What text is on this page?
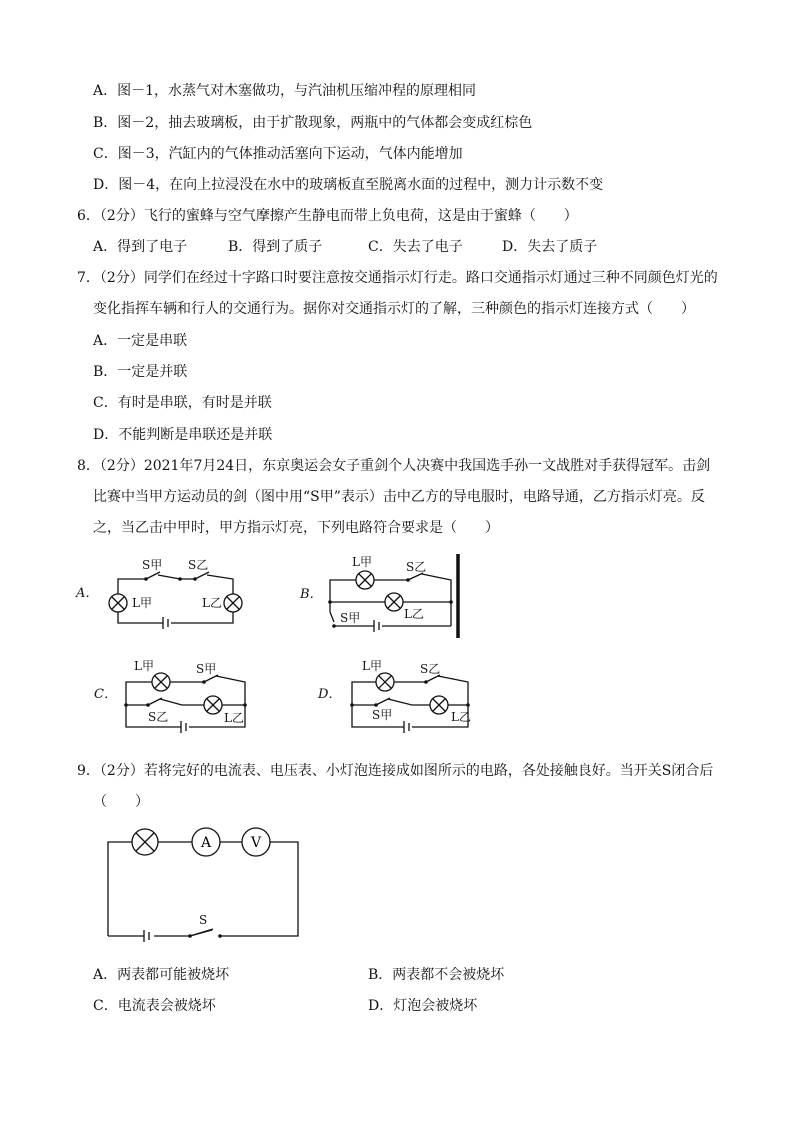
A．图－1，水蒸气对木塞做功，与汽油机压缩冲程的原理相同
B．图－2，抽去玻璃板，由于扩散现象，两瓶中的气体都会变成红棕色
C．图－3，汽缸内的气体推动活塞向下运动，气体内能增加
D．图－4，在向上拉浸没在水中的玻璃板直至脱离水面的过程中，测力计示数不变
6．（2分）飞行的蜜蜂与空气摩擦产生静电而带上负电荷，这是由于蜜蜂（　　）
A．得到了电子	B．得到了质子	C．失去了电子	D．失去了质子
7．（2分）同学们在经过十字路口时要注意按交通指示灯行走。路口交通指示灯通过三种不同颜色灯光的
变化指挥车辆和行人的交通行为。据你对交通指示灯的了解，三种颜色的指示灯连接方式（　　）
A．一定是串联
B．一定是并联
C．有时是串联，有时是并联
D．不能判断是串联还是并联
8．（2分）2021年7月24日，东京奥运会女子重剑个人决赛中我国选手孙一文战胜对手获得冠军。击剑
比赛中当甲方运动员的剑（图中用“S甲”表示）击中乙方的导电服时，电路导通，乙方指示灯亮。反
之，当乙击中甲时，甲方指示灯亮，下列电路符合要求是（　　）
A．
S甲 S乙
L甲	L乙
B．
L甲	S乙
L乙
S甲
C．
L甲	S甲
S乙	L乙
D．
L甲	S乙
S甲	L乙
9．（2分）若将完好的电流表、电压表、小灯泡连接成如图所示的电路，各处接触良好。当开关S闭合后
（　　）
A	V
S
A．两表都可能被烧坏	B．两表都不会被烧坏
C．电流表会被烧坏	D．灯泡会被烧坏
